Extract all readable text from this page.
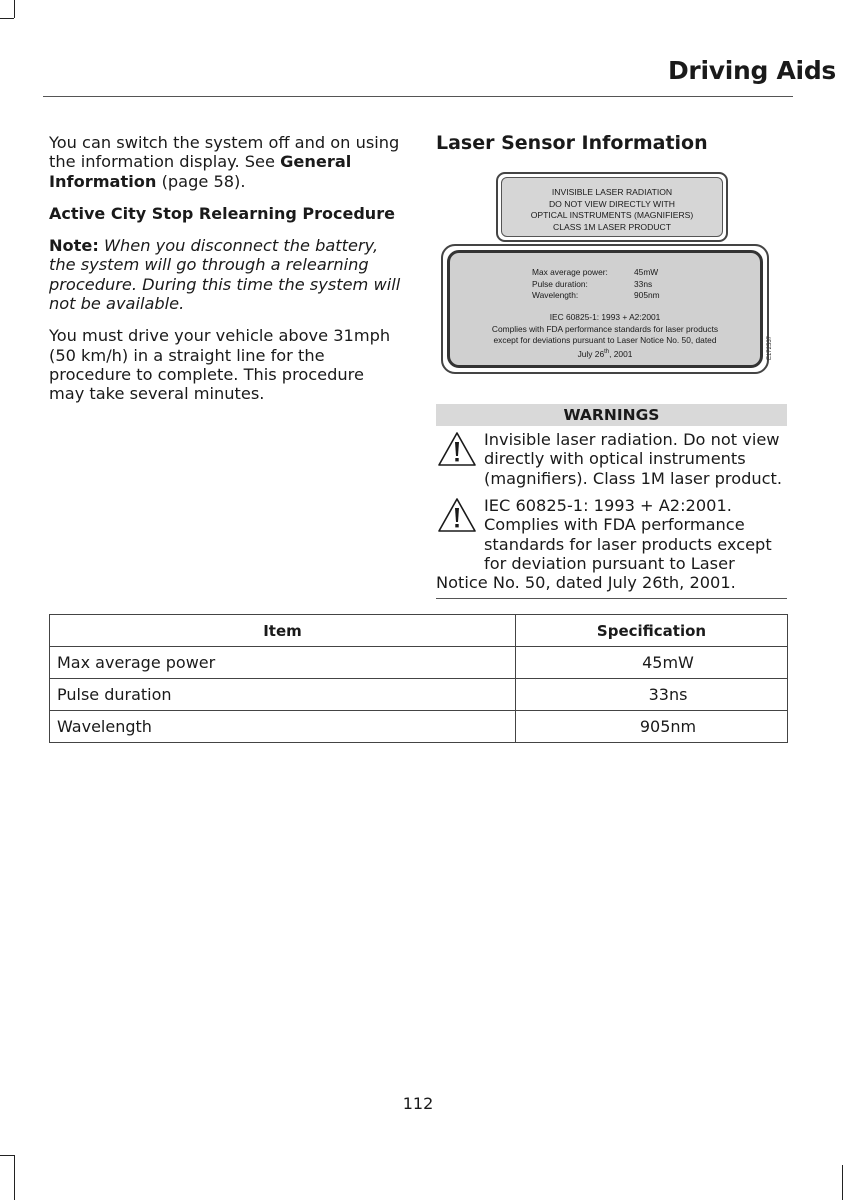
Driving Aids

You can switch the system off and on using the information display. See General Information (page 58).

Active City Stop Relearning Procedure

Note: When you disconnect the battery, the system will go through a relearning procedure. During this time the system will not be available.

You must drive your vehicle above 31mph (50 km/h) in a straight line for the procedure to complete. This procedure may take several minutes.

Laser Sensor Information

INVISIBLE LASER RADIATION
DO NOT VIEW DIRECTLY WITH
OPTICAL INSTRUMENTS (MAGNIFIERS)
CLASS 1M LASER PRODUCT
Max average power:	45mW
Pulse duration:	33ns
Wavelength:	905nm
IEC 60825-1: 1993 + A2:2001
Complies with FDA performance standards for laser products
except for deviations pursuant to Laser Notice No. 50, dated
July 26th, 2001	E172537
WARNINGS
Invisible laser radiation. Do not view directly with optical instruments (magnifiers). Class 1M laser product.
IEC 60825-1: 1993 + A2:2001. Complies with FDA performance standards for laser products except for deviation pursuant to Laser Notice No. 50, dated July 26th, 2001.
Item	Specification
Max average power	45mW
Pulse duration	33ns
Wavelength	905nm
112
